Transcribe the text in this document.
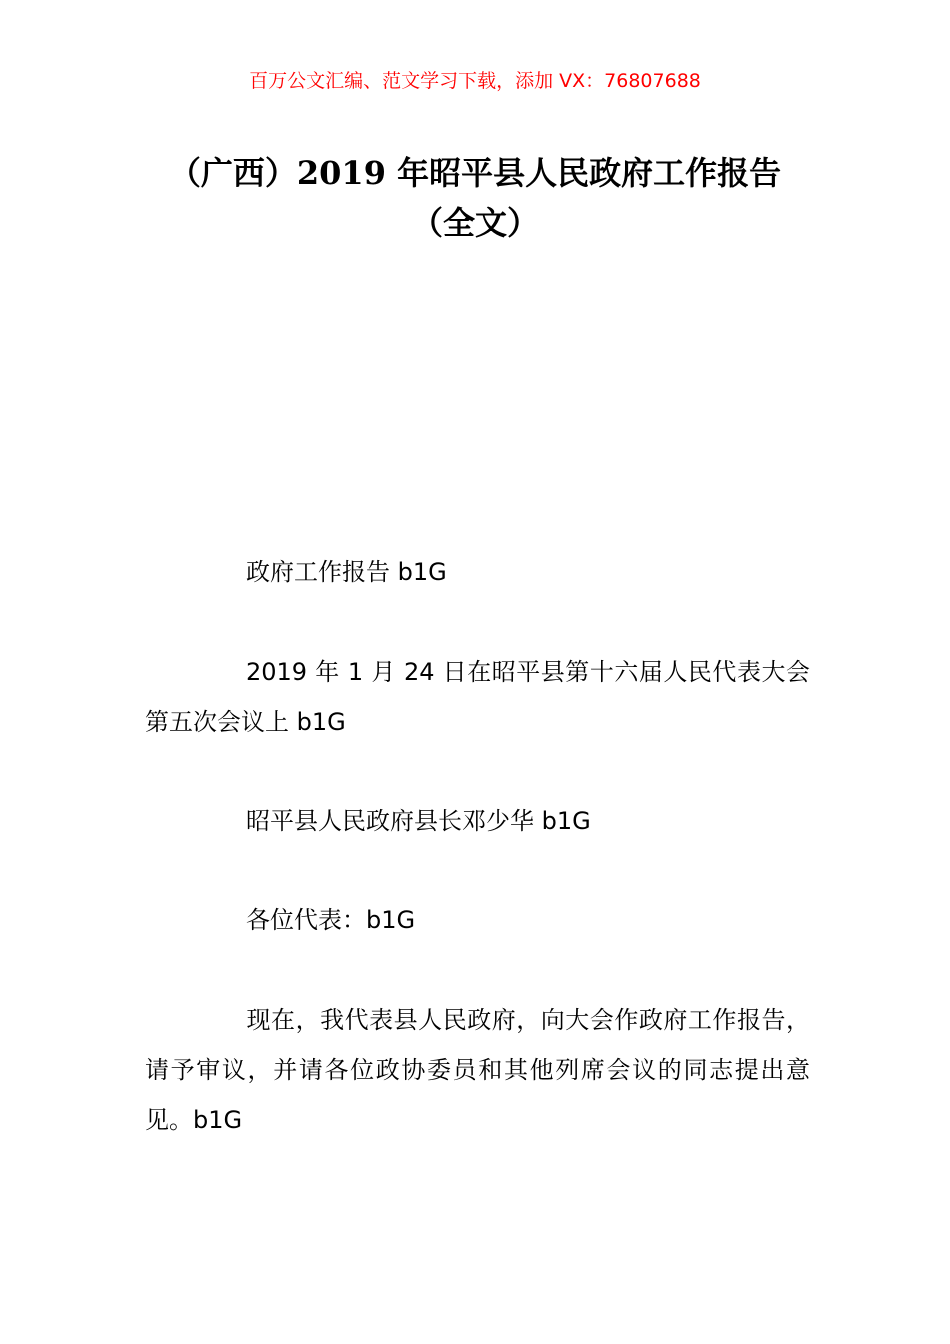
百万公文汇编、范文学习下载，添加 VX：76807688
（广西）2019 年昭平县人民政府工作报告（全文）
政府工作报告 b1G
2019 年 1 月 24 日在昭平县第十六届人民代表大会第五次会议上 b1G
昭平县人民政府县长邓少华 b1G
各位代表：b1G
现在，我代表县人民政府，向大会作政府工作报告，请予审议，并请各位政协委员和其他列席会议的同志提出意见。b1G
